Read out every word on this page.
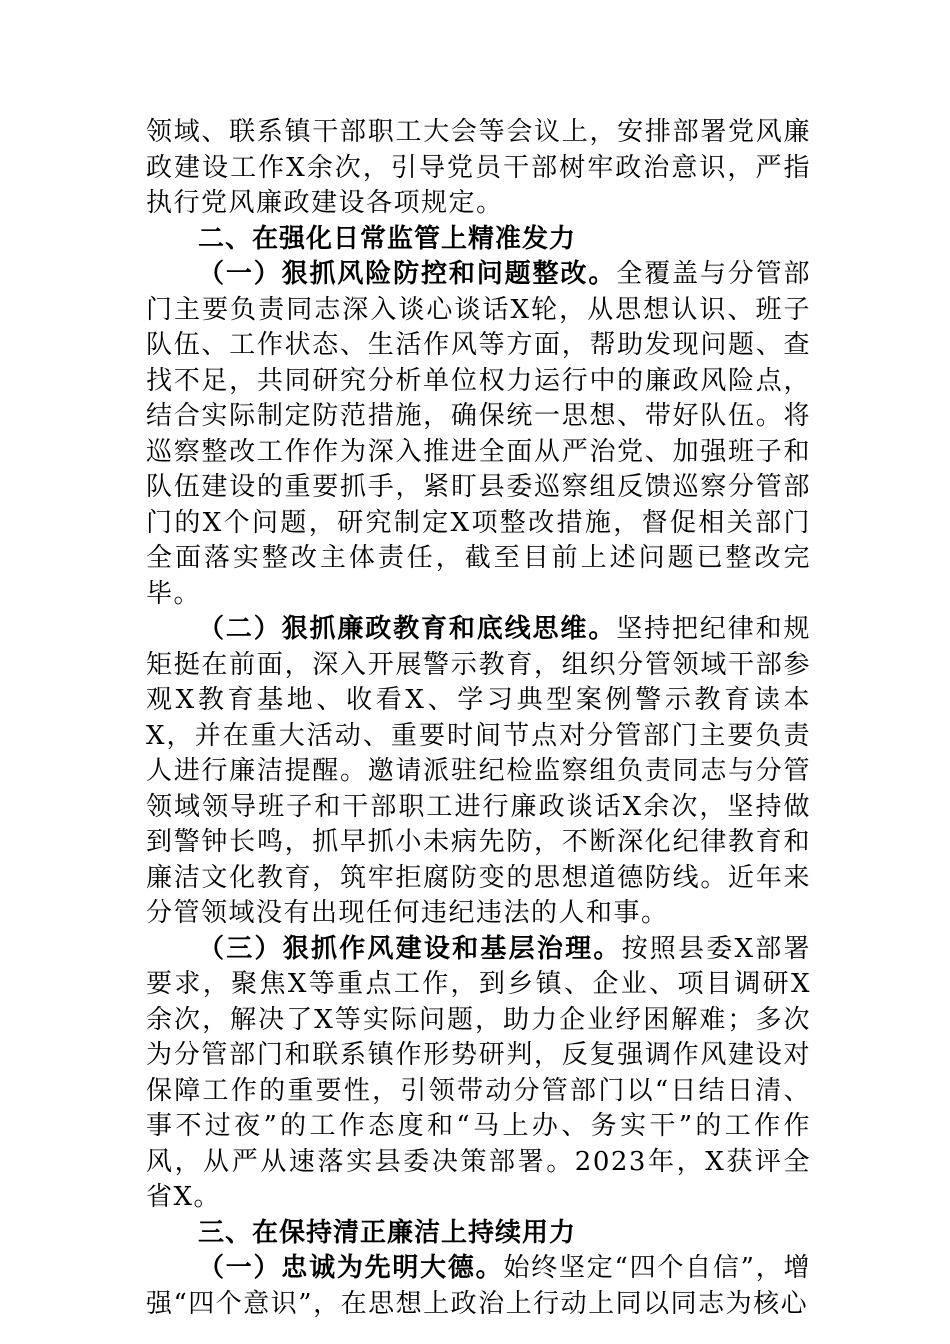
领域、联系镇干部职工大会等会议上，安排部署党风廉政建设工作X余次，引导党员干部树牢政治意识，严指执行党风廉政建设各项规定。

二、在强化日常监管上精准发力

（一）狠抓风险防控和问题整改。全覆盖与分管部门主要负责同志深入谈心谈话X轮，从思想认识、班子队伍、工作状态、生活作风等方面，帮助发现问题、查找不足，共同研究分析单位权力运行中的廉政风险点，结合实际制定防范措施，确保统一思想、带好队伍。将巡察整改工作作为深入推进全面从严治党、加强班子和队伍建设的重要抓手，紧盯县委巡察组反馈巡察分管部门的X个问题，研究制定X项整改措施，督促相关部门全面落实整改主体责任，截至目前上述问题已整改完毕。

（二）狠抓廉政教育和底线思维。坚持把纪律和规矩挺在前面，深入开展警示教育，组织分管领域干部参观X教育基地、收看X、学习典型案例警示教育读本X，并在重大活动、重要时间节点对分管部门主要负责人进行廉洁提醒。邀请派驻纪检监察组负责同志与分管领域领导班子和干部职工进行廉政谈话X余次，坚持做到警钟长鸣，抓早抓小未病先防，不断深化纪律教育和廉洁文化教育，筑牢拒腐防变的思想道德防线。近年来分管领域没有出现任何违纪违法的人和事。

（三）狠抓作风建设和基层治理。按照县委X部署要求，聚焦X等重点工作，到乡镇、企业、项目调研X余次，解决了X等实际问题，助力企业纾困解难；多次为分管部门和联系镇作形势研判，反复强调作风建设对保障工作的重要性，引领带动分管部门以“日结日清、事不过夜”的工作态度和“马上办、务实干”的工作作风，从严从速落实县委决策部署。2023年，X获评全省X。

三、在保持清正廉洁上持续用力

（一）忠诚为先明大德。始终坚定“四个自信”，增强“四个意识”，在思想上政治上行动上同以同志为核心
